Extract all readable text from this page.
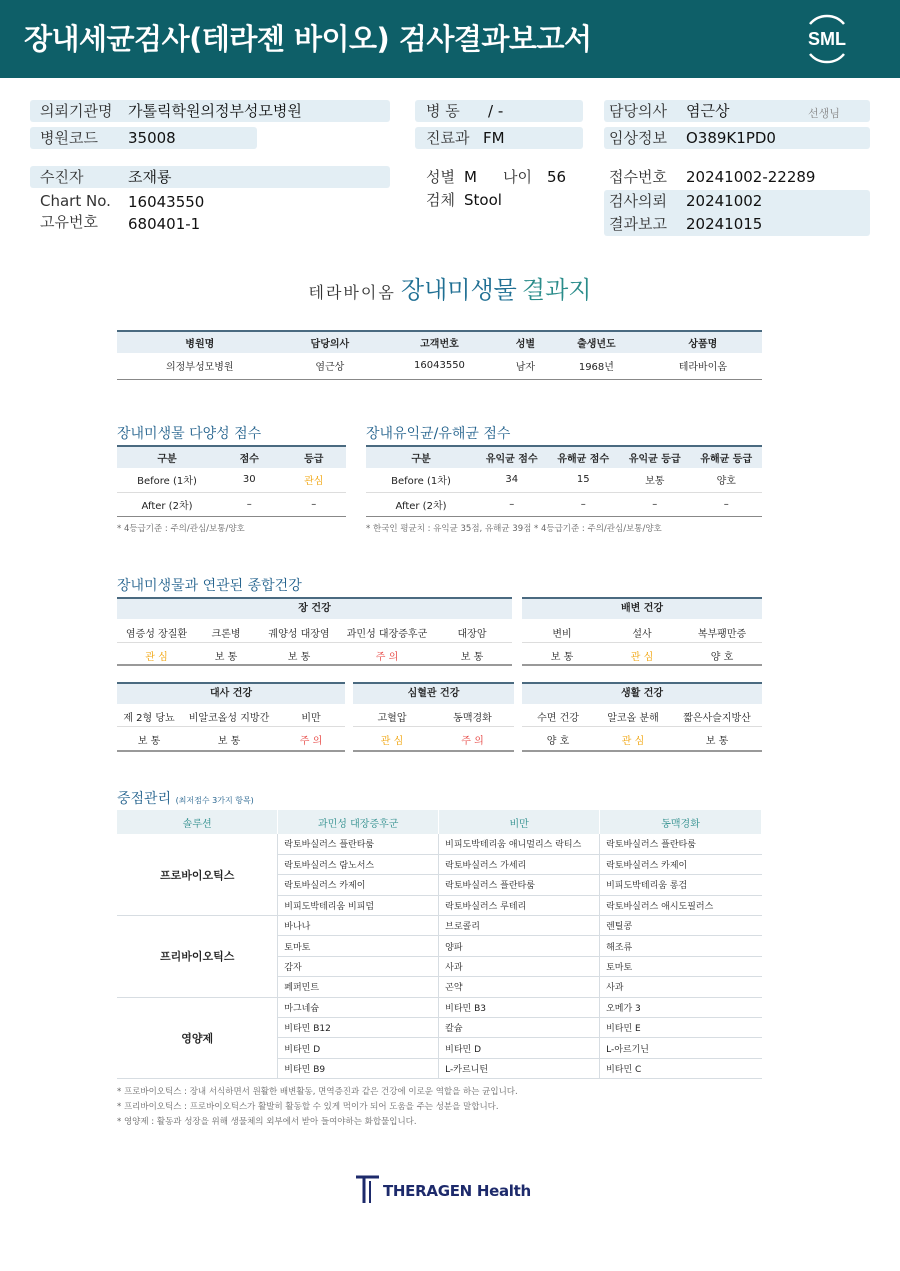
장내세균검사(테라젠 바이오) 검사결과보고서	SML
의뢰기관명 가톨릭학원의정부성모병원
병원코드 35008
수진자	조재룡
Chart No. 16043550
고유번호 680401-1
병 동 / -
진료과 FM
성별 M 나이 56
검체 Stool
담당의사 염근상	선생님
임상정보 O389K1PD0
접수번호 20241002-22289
검사의뢰 20241002
결과보고 20241015
테라바이옴 장내미생물 결과지
병원명	담당의사	고객번호	성별	출생년도	상품명
의정부성모병원	염근상	16043550	남자	1968년	테라바이옴
장내미생물 다양성 점수
구분	점수	등급
Before (1차)	30	관심
After (2차)	–	–
* 4등급기준 : 주의/관심/보통/양호
장내유익균/유해균 점수
구분	유익균 점수	유해균 점수	유익균 등급	유해균 등급
Before (1차)	34	15	보통	양호
After (2차)	–	–	–	–
* 한국인 평균치 : 유익균 35점, 유해균 39점 * 4등급기준 : 주의/관심/보통/양호
장내미생물과 연관된 종합건강
장 건강
염증성 장질환	크론병	궤양성 대장염	과민성 대장증후군	대장암
관 심	보 통	보 통	주 의	보 통
배변 건강
변비	설사	복부팽만증
보 통	관 심	양 호
대사 건강
제 2형 당뇨	비알코올성 지방간	비만
보 통	보 통	주 의
심혈관 건강
고혈압	동맥경화
관 심	주 의
생활 건강
수면 건강	알코올 분해	짧은사슬지방산
양 호	관 심	보 통
중점관리 (최저점수 3가지 항목)
솔루션	과민성 대장증후군	비만	동맥경화
프로바이오틱스	락토바실러스 플란타룸	비피도박테리움 애니멀리스 락티스	락토바실러스 플란타룸
	락토바실러스 람노서스	락토바실러스 가세리	락토바실러스 카제이
	락토바실러스 카제이	락토바실러스 플란타룸	비피도박테리움 롱검
	비피도박테리움 비피덤	락토바실러스 루테리	락토바실러스 애시도필러스
프리바이오틱스	바나나	브로콜리	렌틸콩
	토마토	양파	해조류
	감자	사과	토마토
	페퍼민트	곤약	사과
영양제	마그네슘	비타민 B3	오메가 3
	비타민 B12	칼슘	비타민 E
	비타민 D	비타민 D	L-아르기닌
	비타민 B9	L-카르니틴	비타민 C
* 프로바이오틱스 : 장내 서식하면서 원활한 배변활동, 면역증진과 같은 건강에 이로운 역할을 하는 균입니다.
* 프리바이오틱스 : 프로바이오틱스가 활발히 활동할 수 있게 먹이가 되어 도움을 주는 성분을 말합니다.
* 영양제 : 활동과 성장을 위해 생물체의 외부에서 받아 들여야하는 화합물입니다.
THERAGEN Health
